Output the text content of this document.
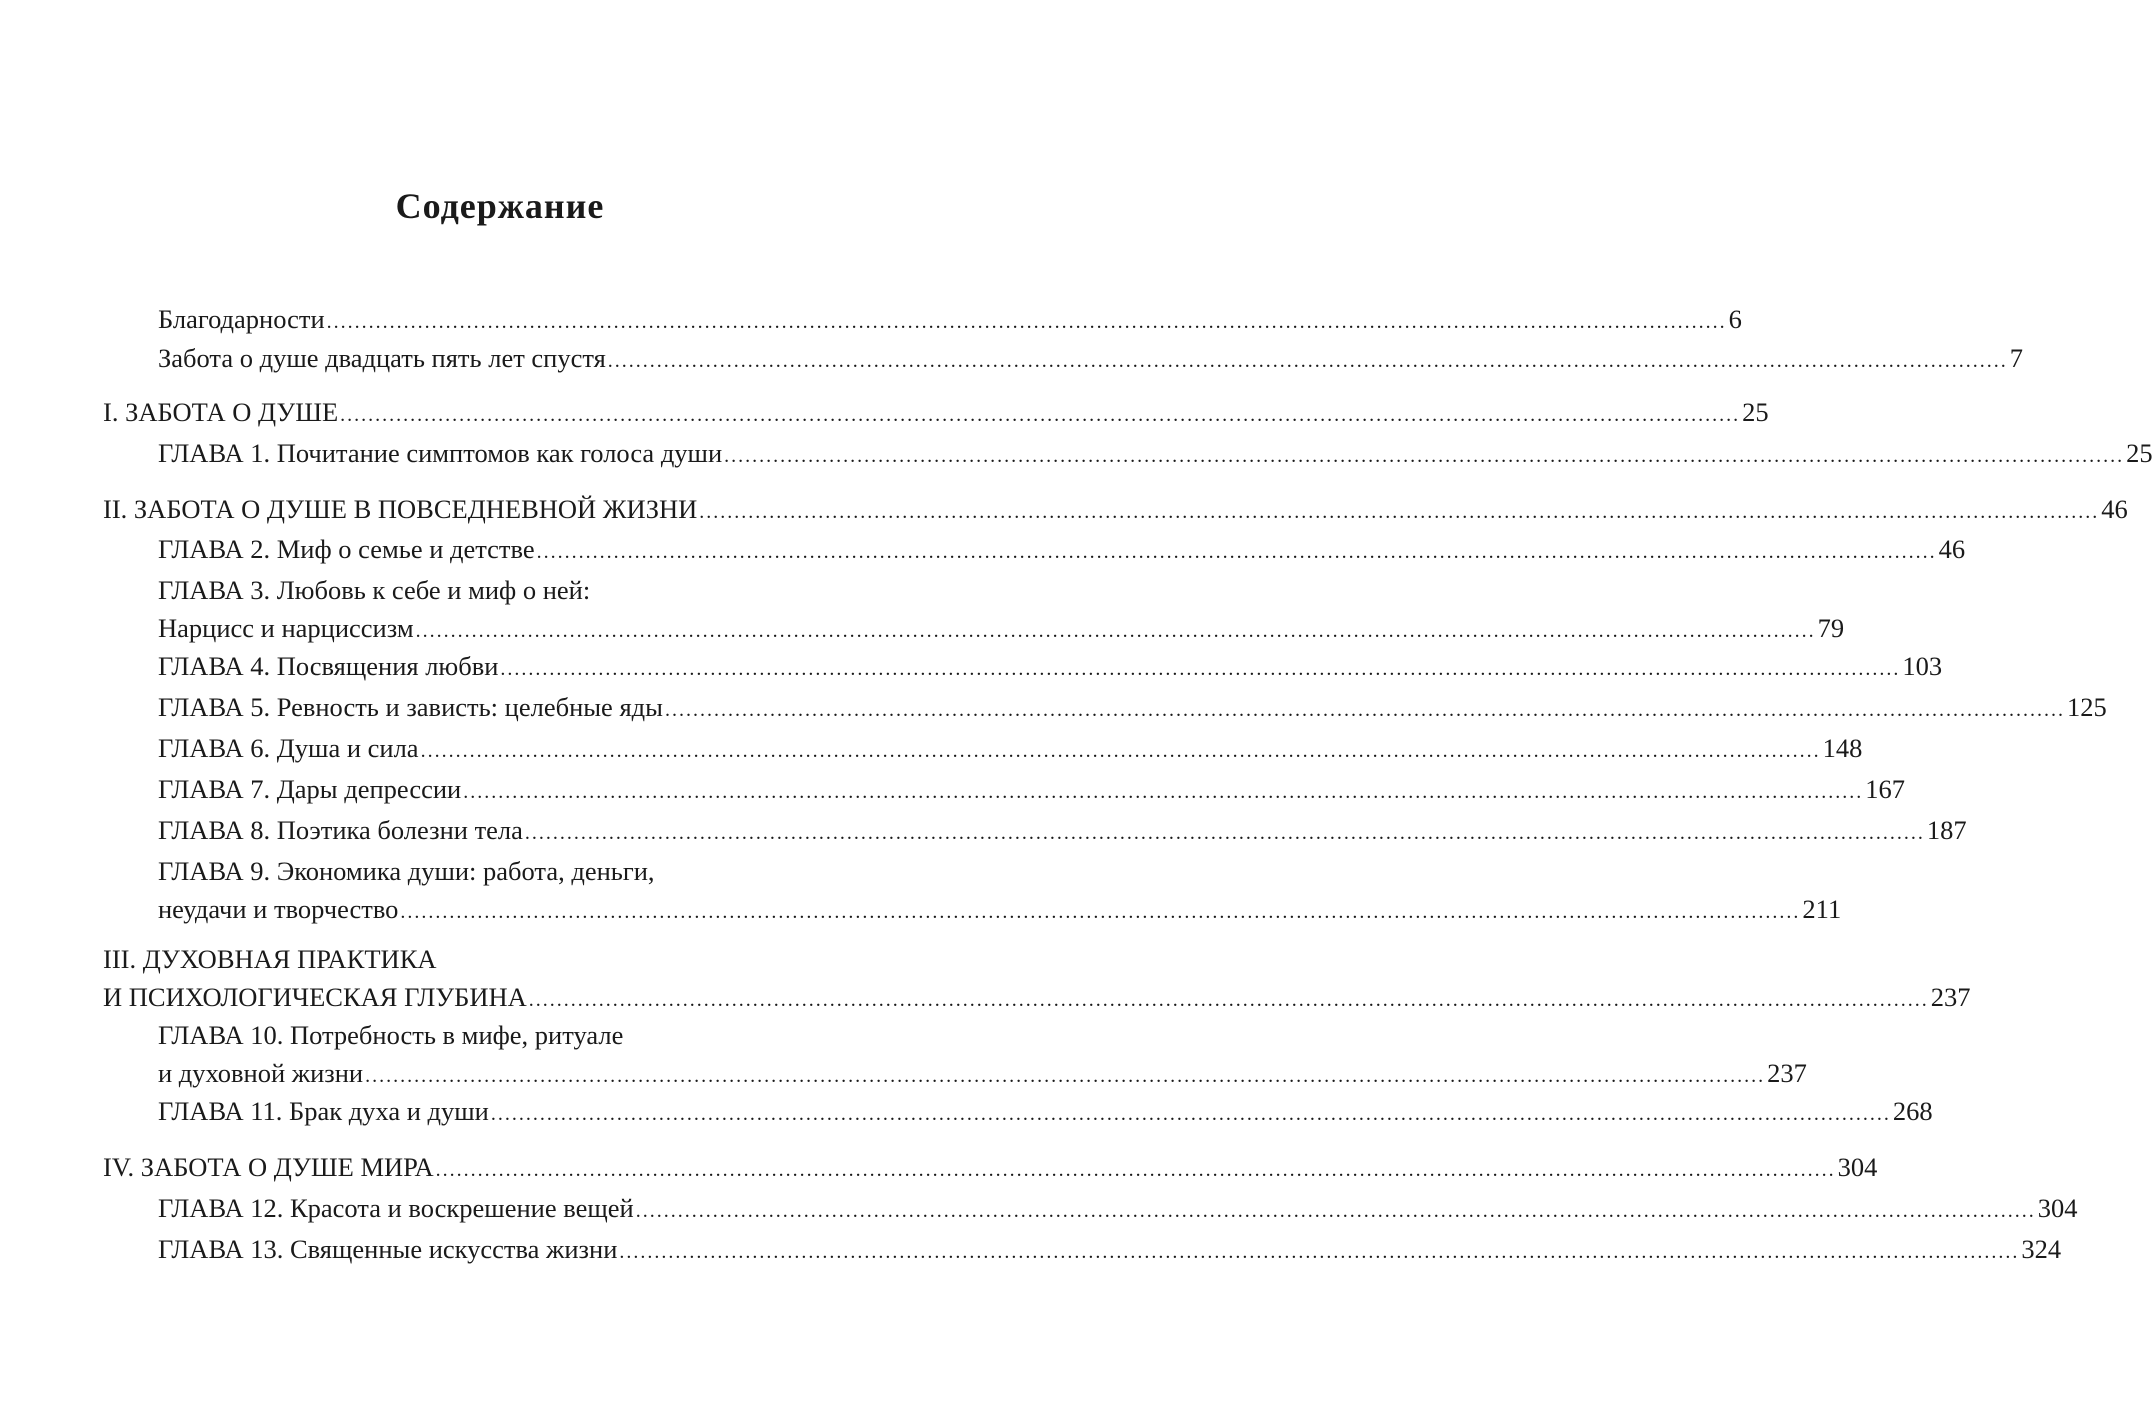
Содержание
Благодарности ........................................................................................................................................................................................................ 6
Забота о душе двадцать пять лет спустя ........................................................................................................................................................................................................ 7
I. ЗАБОТА О ДУШЕ ........................................................................................................................................................................................................ 25
ГЛАВА 1. Почитание симптомов как голоса души ........................................................................................................................................................................................................ 25
II. ЗАБОТА О ДУШЕ В ПОВСЕДНЕВНОЙ ЖИЗНИ ........................................................................................................................................................................................................ 46
ГЛАВА 2. Миф о семье и детстве ........................................................................................................................................................................................................ 46
ГЛАВА 3. Любовь к себе и миф о ней:
Нарцисс и нарциссизм ........................................................................................................................................................................................................ 79
ГЛАВА 4. Посвящения любви ........................................................................................................................................................................................................ 103
ГЛАВА 5. Ревность и зависть: целебные яды ........................................................................................................................................................................................................ 125
ГЛАВА 6. Душа и сила ........................................................................................................................................................................................................ 148
ГЛАВА 7. Дары депрессии ........................................................................................................................................................................................................ 167
ГЛАВА 8. Поэтика болезни тела ........................................................................................................................................................................................................ 187
ГЛАВА 9. Экономика души: работа, деньги,
неудачи и творчество ........................................................................................................................................................................................................ 211
III. ДУХОВНАЯ ПРАКТИКА
И ПСИХОЛОГИЧЕСКАЯ ГЛУБИНА ........................................................................................................................................................................................................ 237
ГЛАВА 10. Потребность в мифе, ритуале
и духовной жизни ........................................................................................................................................................................................................ 237
ГЛАВА 11. Брак духа и души ........................................................................................................................................................................................................ 268
IV. ЗАБОТА О ДУШЕ МИРА ........................................................................................................................................................................................................ 304
ГЛАВА 12. Красота и воскрешение вещей ........................................................................................................................................................................................................ 304
ГЛАВА 13. Священные искусства жизни ........................................................................................................................................................................................................ 324
